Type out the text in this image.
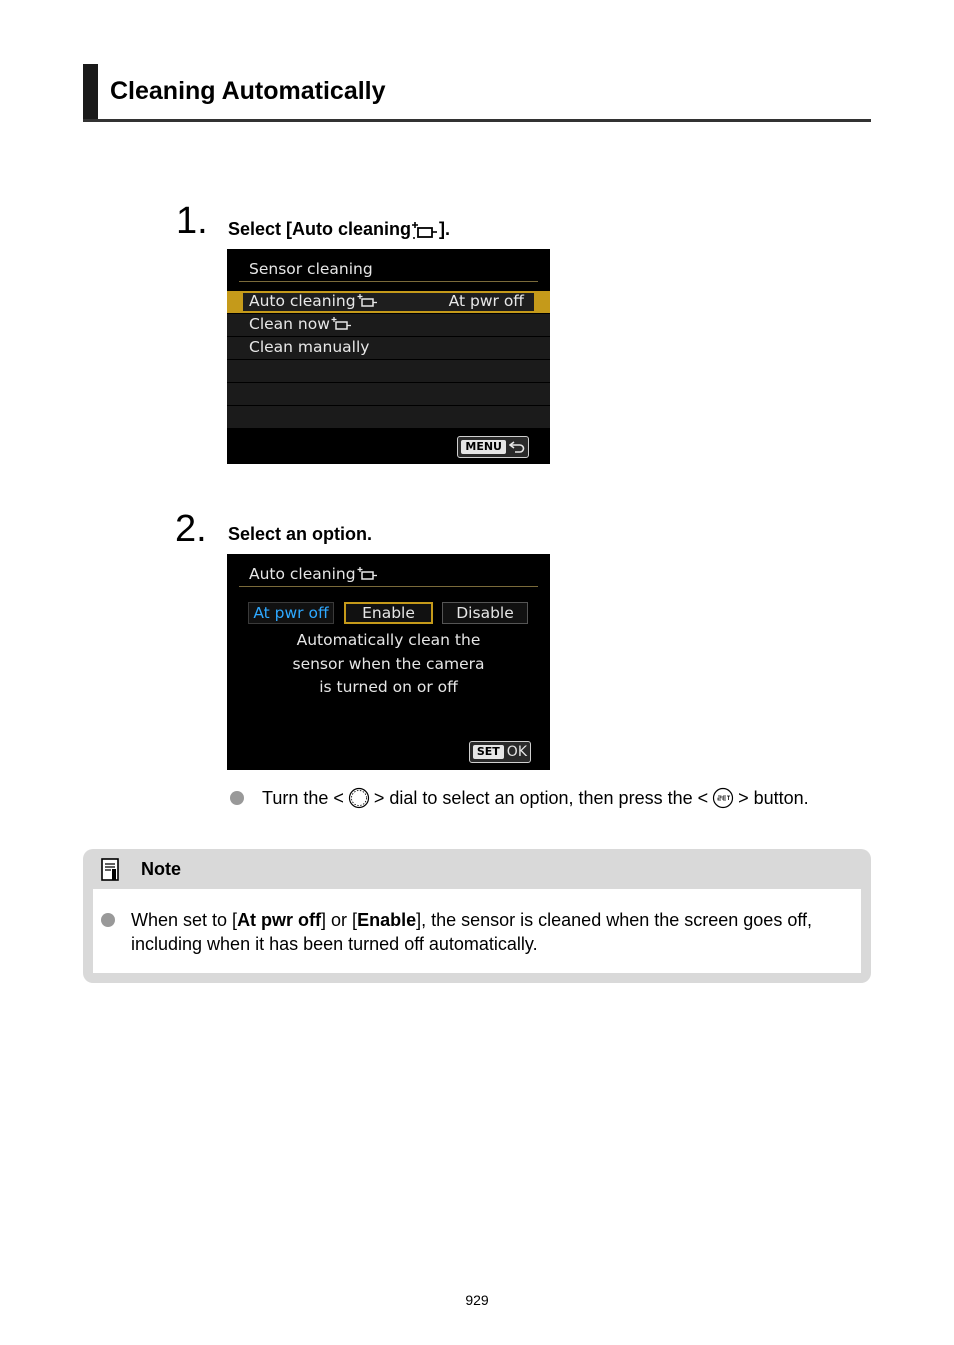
Cleaning Automatically
1. Select [Auto cleaning ].
Sensor cleaning
Auto cleaning	At pwr off
Clean now
Clean manually
MENU
2. Select an option.
Auto cleaning
At pwr off	Enable	Disable
Automatically clean the
sensor when the camera
is turned on or off
SET OK
Turn the < > dial to select an option, then press the < > button.
Note
When set to [At pwr off] or [Enable], the sensor is cleaned when the screen goes off, including when it has been turned off automatically.
929
